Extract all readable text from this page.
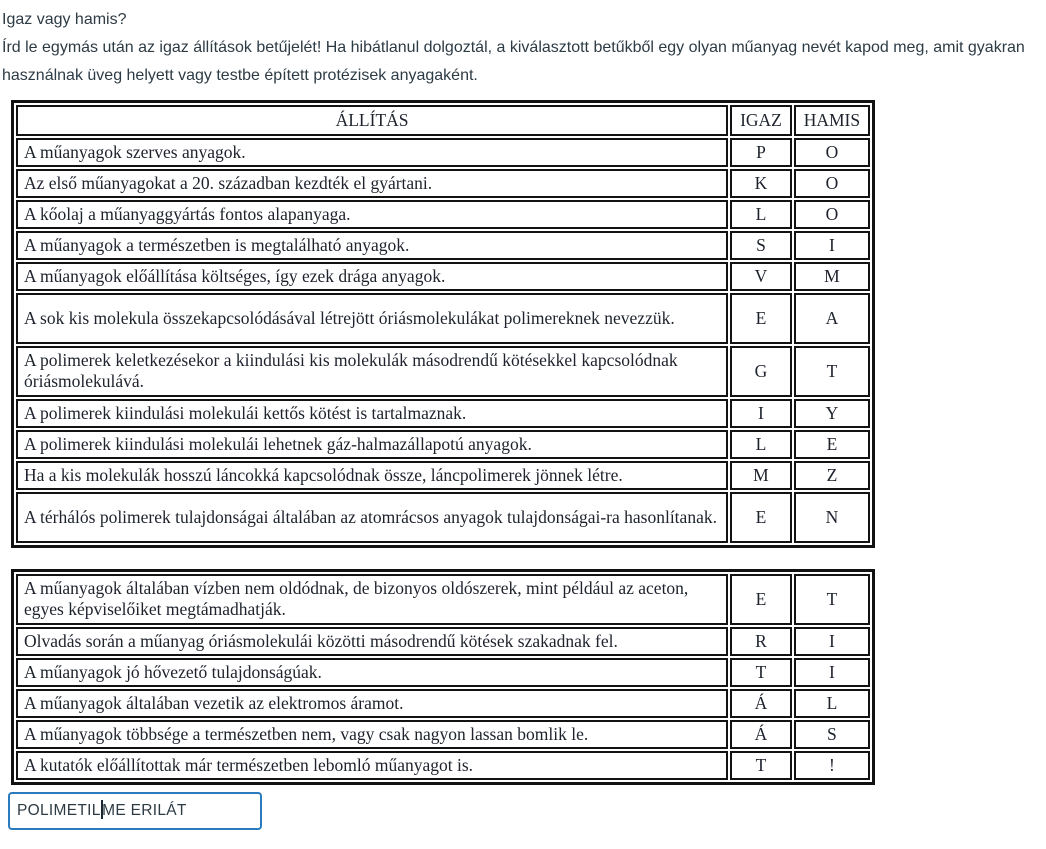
Igaz vagy hamis?

Írd le egymás után az igaz állítások betűjelét! Ha hibátlanul dolgoztál, a kiválasztott betűkből egy olyan műanyag nevét kapod meg, amit gyakran használnak üveg helyett vagy testbe épített protézisek anyagaként.

ÁLLÍTÁS	IGAZ	HAMIS
A műanyagok szerves anyagok.	P	O
Az első műanyagokat a 20. században kezdték el gyártani.	K	O
A kőolaj a műanyaggyártás fontos alapanyaga.	L	O
A műanyagok a természetben is megtalálható anyagok.	S	I
A műanyagok előállítása költséges, így ezek drága anyagok.	V	M
A sok kis molekula összekapcsolódásával létrejött óriásmolekulákat polimereknek nevezzük.	E	A
A polimerek keletkezésekor a kiindulási kis molekulák másodrendű kötésekkel kapcsolódnak óriásmolekulává.	G	T
A polimerek kiindulási molekulái kettős kötést is tartalmaznak.	I	Y
A polimerek kiindulási molekulái lehetnek gáz-halmazállapotú anyagok.	L	E
Ha a kis molekulák hosszú láncokká kapcsolódnak össze, láncpolimerek jönnek létre.	M	Z
A térhálós polimerek tulajdonságai általában az atomrácsos anyagok tulajdonságai-ra hasonlítanak.	E	N
A műanyagok általában vízben nem oldódnak, de bizonyos oldószerek, mint például az aceton, egyes képviselőiket megtámadhatják.	E	T
Olvadás során a műanyag óriásmolekulái közötti másodrendű kötések szakadnak fel.	R	I
A műanyagok jó hővezető tulajdonságúak.	T	I
A műanyagok általában vezetik az elektromos áramot.	Á	L
A műanyagok többsége a természetben nem, vagy csak nagyon lassan bomlik le.	Á	S
A kutatók előállítottak már természetben lebomló műanyagot is.	T	!
POLIMETILME ERILÁT
